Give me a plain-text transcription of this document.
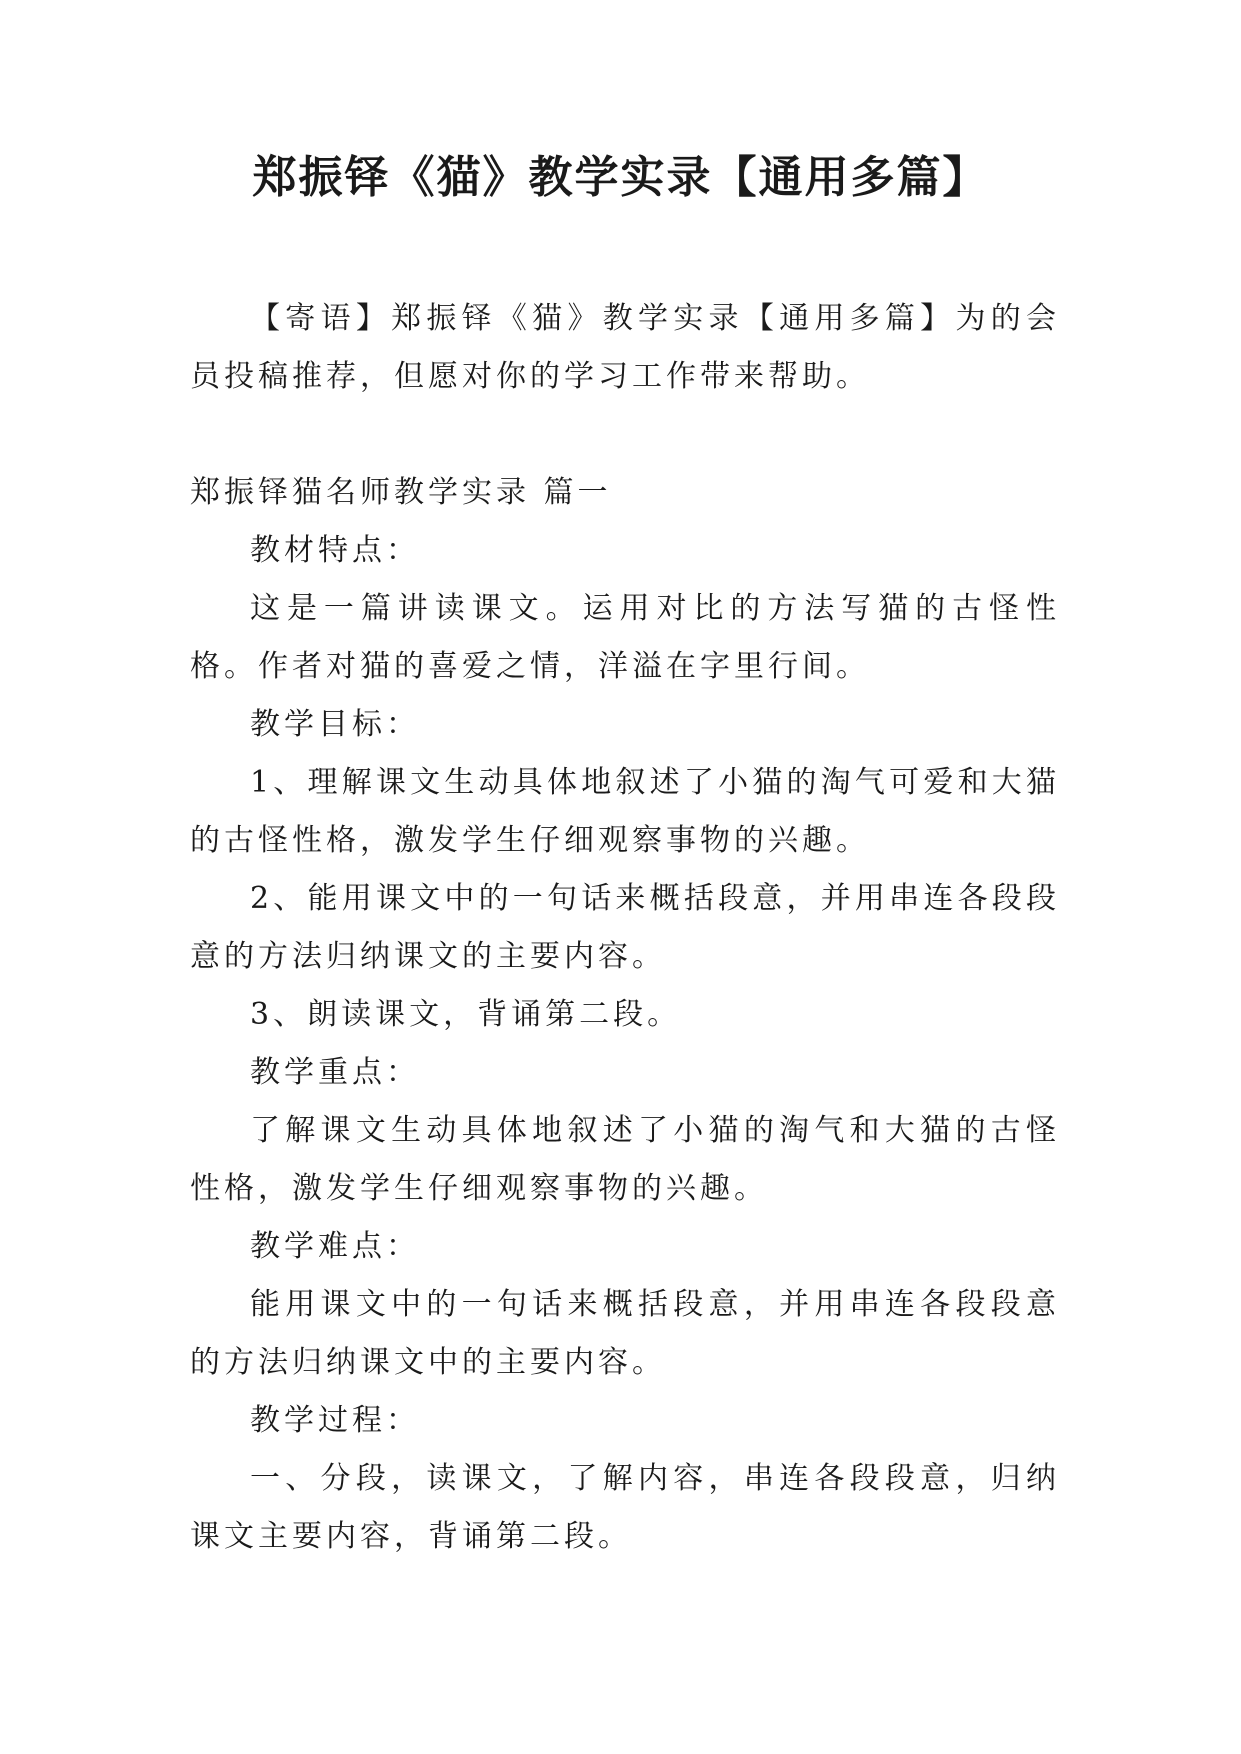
郑振铎《猫》教学实录【通用多篇】

【寄语】郑振铎《猫》教学实录【通用多篇】为的会员投稿推荐，但愿对你的学习工作带来帮助。

郑振铎猫名师教学实录 篇一

教材特点：

这是一篇讲读课文。运用对比的方法写猫的古怪性格。作者对猫的喜爱之情，洋溢在字里行间。

教学目标：

1、理解课文生动具体地叙述了小猫的淘气可爱和大猫的古怪性格，激发学生仔细观察事物的兴趣。

2、能用课文中的一句话来概括段意，并用串连各段段意的方法归纳课文的主要内容。

3、朗读课文，背诵第二段。

教学重点：

了解课文生动具体地叙述了小猫的淘气和大猫的古怪性格，激发学生仔细观察事物的兴趣。

教学难点：

能用课文中的一句话来概括段意，并用串连各段段意的方法归纳课文中的主要内容。

教学过程：

一、分段，读课文，了解内容，串连各段段意，归纳课文主要内容，背诵第二段。
